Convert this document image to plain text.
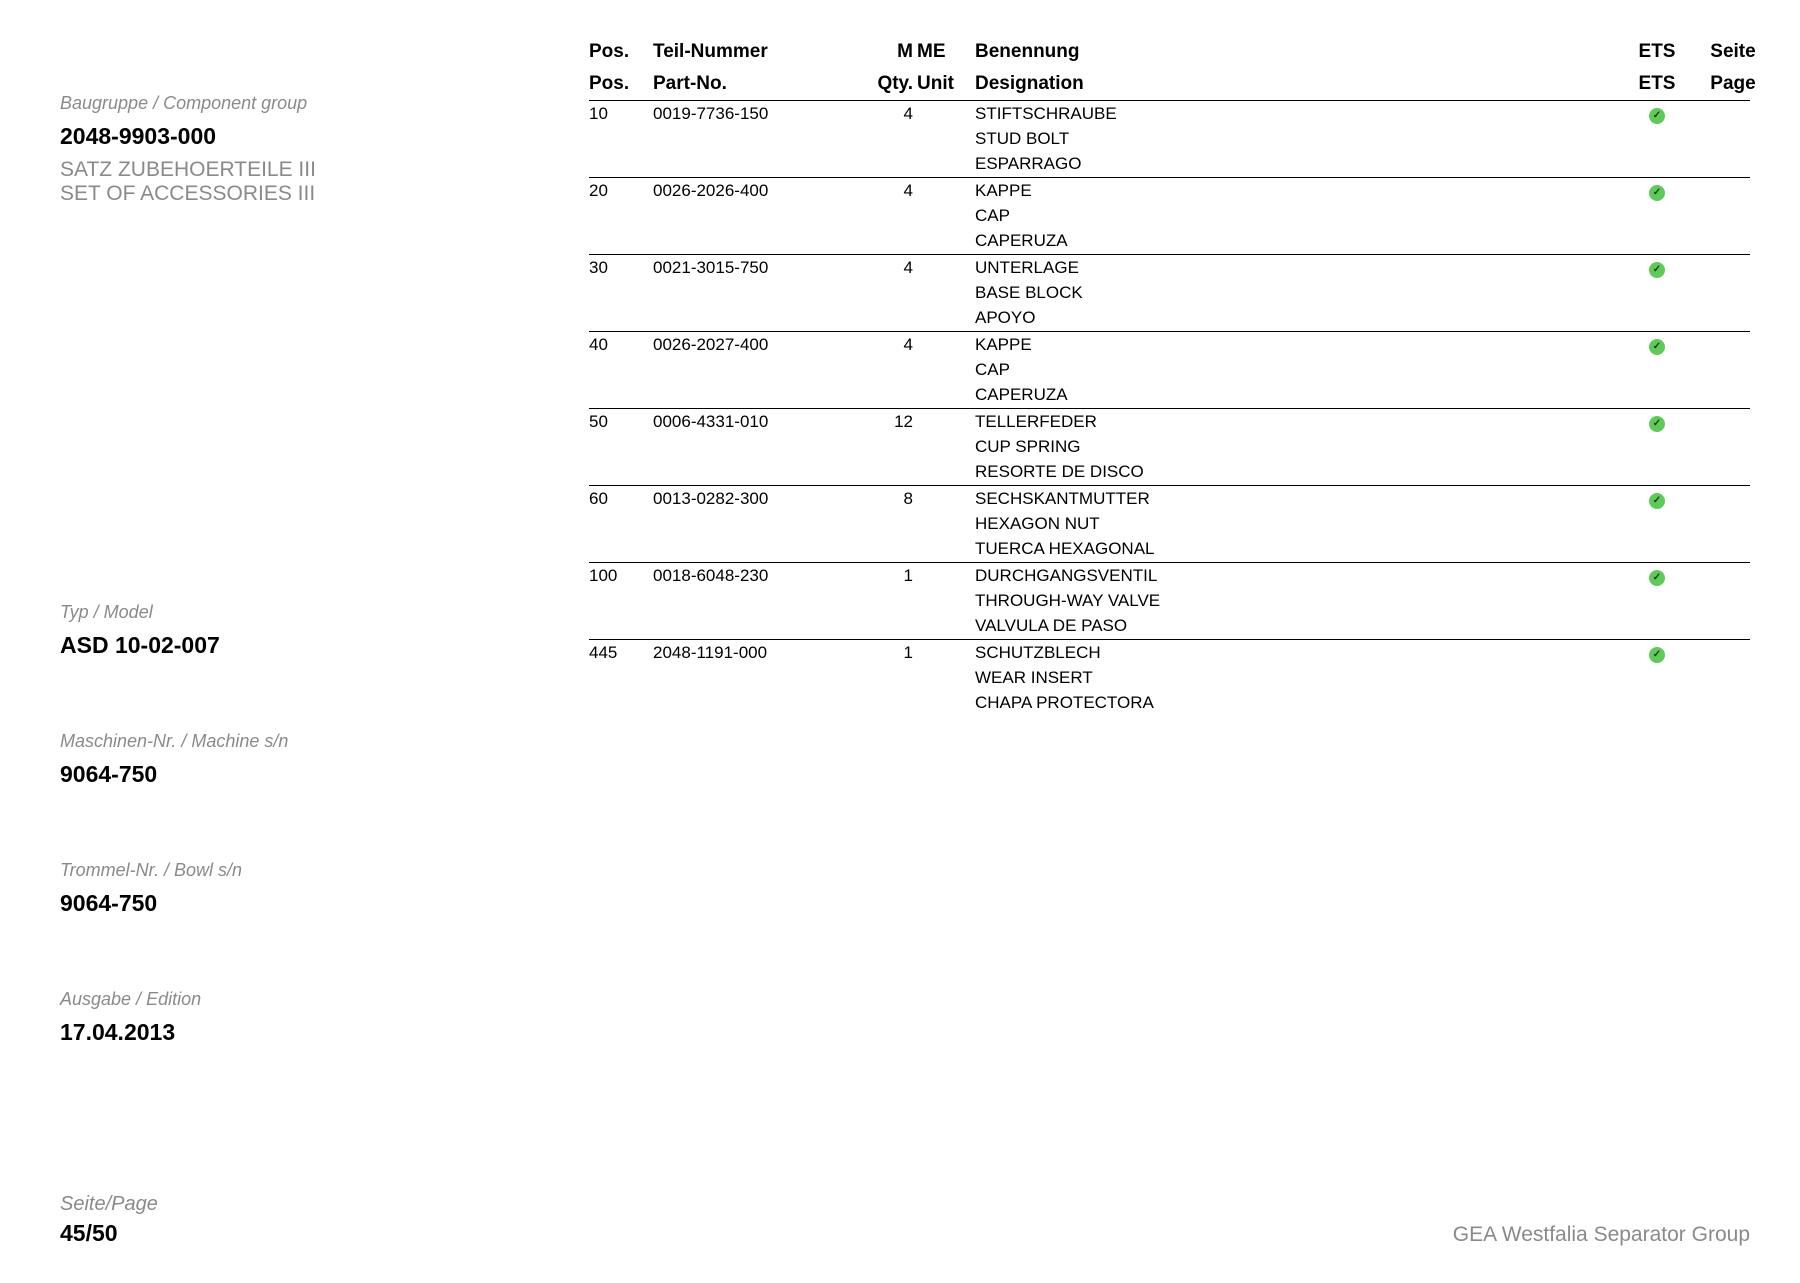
Baugruppe / Component group
2048-9903-000
SATZ ZUBEHOERTEILE III
SET OF ACCESSORIES III
Typ / Model
ASD 10-02-007
Maschinen-Nr. / Machine s/n
9064-750
Trommel-Nr. / Bowl s/n
9064-750
Ausgabe / Edition
17.04.2013
Seite/Page
45/50
Pos. Teil-Nummer	M ME Benennung	ETS	Seite
Pos. Part-No.	Qty. Unit Designation	ETS	Page
10	0019-7736-150	4	STIFTSCHRAUBE
STUD BOLT
ESPARRAGO
✓
20	0026-2026-400	4	KAPPE
CAP
CAPERUZA
✓
30	0021-3015-750	4	UNTERLAGE
BASE BLOCK
APOYO
✓
40	0026-2027-400	4	KAPPE
CAP
CAPERUZA
✓
50	0006-4331-010	12	TELLERFEDER
CUP SPRING
RESORTE DE DISCO
✓
60	0013-0282-300	8	SECHSKANTMUTTER
HEXAGON NUT
TUERCA HEXAGONAL
✓
100 0018-6048-230	1	DURCHGANGSVENTIL
THROUGH-WAY VALVE
VALVULA DE PASO
✓
445 2048-1191-000	1	SCHUTZBLECH
WEAR INSERT
CHAPA PROTECTORA
✓
GEA Westfalia Separator Group
